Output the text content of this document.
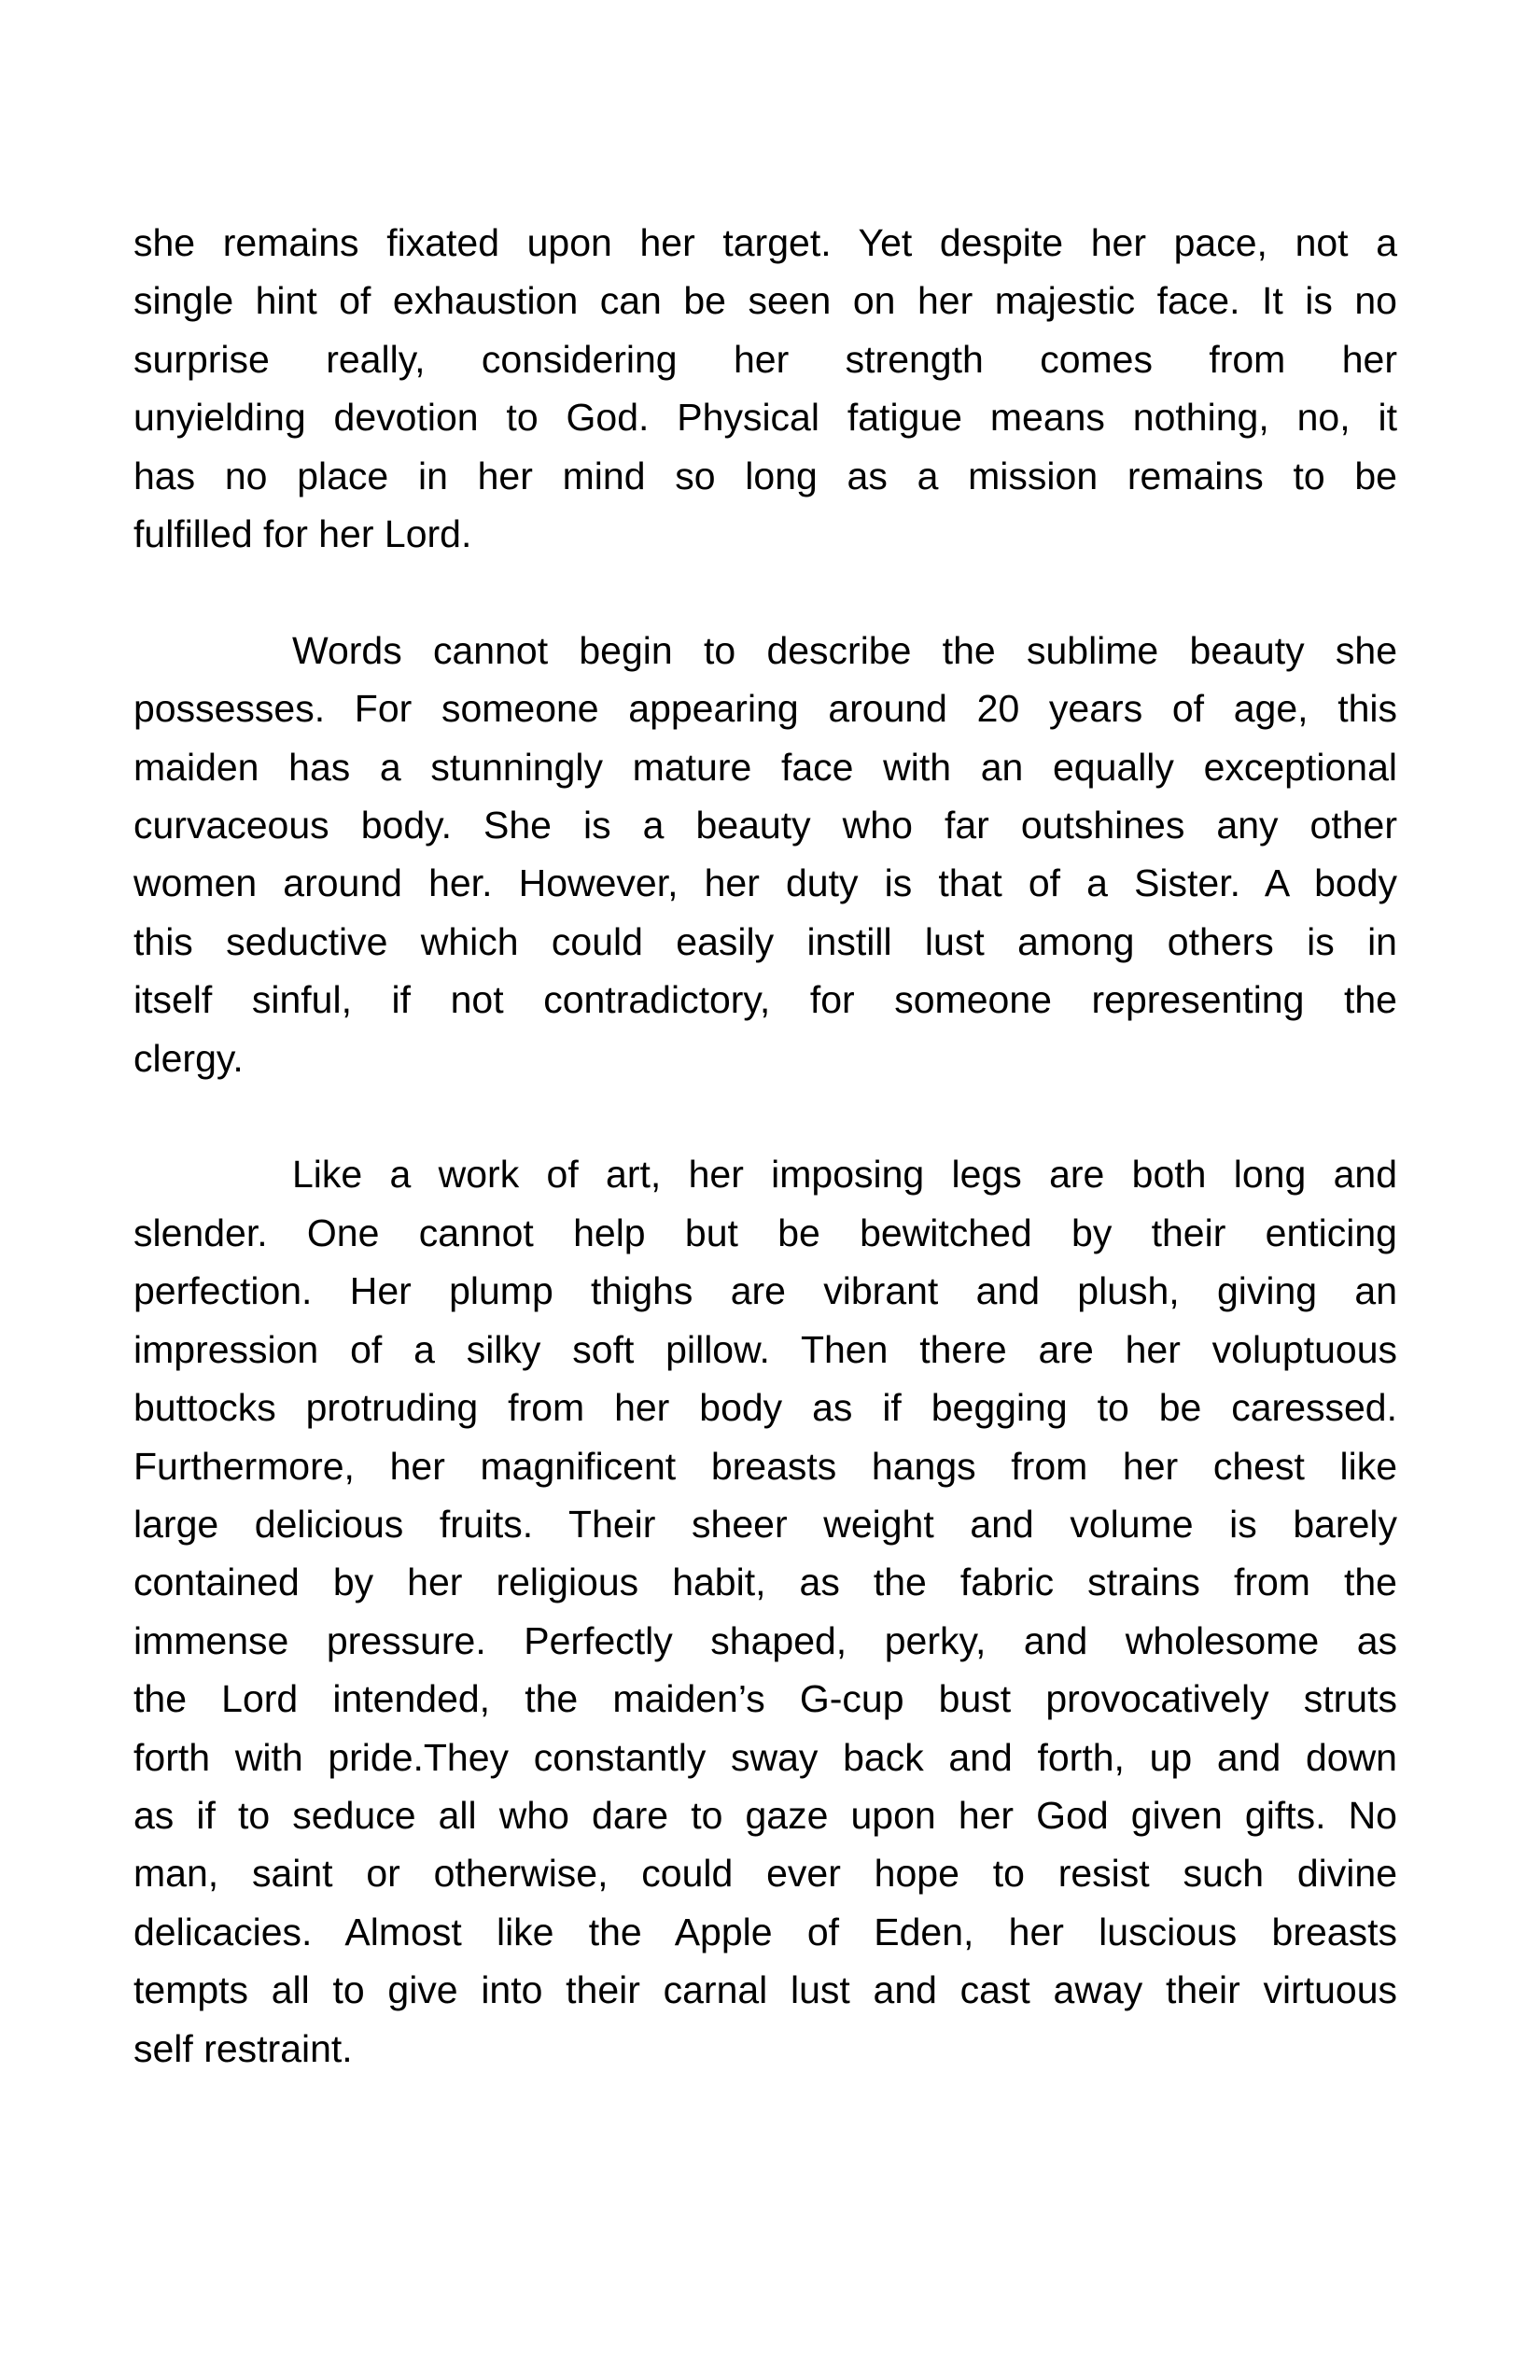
she remains fixated upon her target. Yet despite her pace, not a
single hint of exhaustion can be seen on her majestic face. It is no
surprise really, considering her strength comes from her
unyielding devotion to God. Physical fatigue means nothing, no, it
has no place in her mind so long as a mission remains to be
fulfilled for her Lord.
Words cannot begin to describe the sublime beauty she
possesses. For someone appearing around 20 years of age, this
maiden has a stunningly mature face with an equally exceptional
curvaceous body. She is a beauty who far outshines any other
women around her. However, her duty is that of a Sister. A body
this seductive which could easily instill lust among others is in
itself sinful, if not contradictory, for someone representing the
clergy.
Like a work of art, her imposing legs are both long and
slender. One cannot help but be bewitched by their enticing
perfection. Her plump thighs are vibrant and plush, giving an
impression of a silky soft pillow. Then there are her voluptuous
buttocks protruding from her body as if begging to be caressed.
Furthermore, her magnificent breasts hangs from her chest like
large delicious fruits. Their sheer weight and volume is barely
contained by her religious habit, as the fabric strains from the
immense pressure. Perfectly shaped, perky, and wholesome as
the Lord intended, the maiden’s G-cup bust provocatively struts
forth with pride.They constantly sway back and forth, up and down
as if to seduce all who dare to gaze upon her God given gifts. No
man, saint or otherwise, could ever hope to resist such divine
delicacies. Almost like the Apple of Eden, her luscious breasts
tempts all to give into their carnal lust and cast away their virtuous
self restraint.
